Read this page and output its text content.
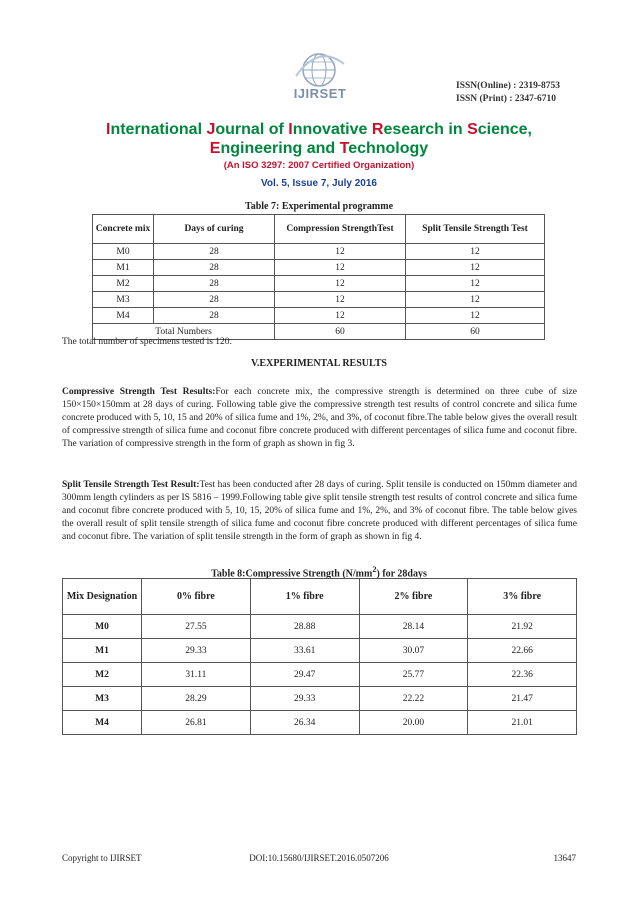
IJIRSET	ISSN(Online) : 2319-8753
ISSN (Print) : 2347-6710
International Journal of Innovative Research in Science,
Engineering and Technology
(An ISO 3297: 2007 Certified Organization)
Vol. 5, Issue 7, July 2016
Table 7: Experimental programme
Concrete mix	Days of curing	Compression StrengthTest	Split Tensile Strength Test
M0	28	12	12
M1	28	12	12
M2	28	12	12
M3	28	12	12
M4	28	12	12
Total Numbers		60	60
The total number of specimens tested is 120.
V.EXPERIMENTAL RESULTS
Compressive Strength Test Results:For each concrete mix, the compressive strength is determined on three cube of size 150×150×150mm at 28 days of curing. Following table give the compressive strength test results of control concrete and silica fume concrete produced with 5, 10, 15 and 20% of silica fume and 1%, 2%, and 3%, of coconut fibre.The table below gives the overall result of compressive strength of silica fume and coconut fibre concrete produced with different percentages of silica fume and coconut fibre. The variation of compressive strength in the form of graph as shown in fig 3.
Split Tensile Strength Test Result:Test has been conducted after 28 days of curing. Split tensile is conducted on 150mm diameter and 300mm length cylinders as per IS 5816 – 1999.Following table give split tensile strength test results of control concrete and silica fume and coconut fibre concrete produced with 5, 10, 15, 20% of silica fume and 1%, 2%, and 3% of coconut fibre. The table below gives the overall result of split tensile strength of silica fume and coconut fibre concrete produced with different percentages of silica fume and coconut fibre. The variation of split tensile strength in the form of graph as shown in fig 4.
Table 8:Compressive Strength $(N/mm^2)$ for 28days
Mix Designation	0% fibre	1% fibre	2% fibre	3% fibre
M0	27.55	28.88	28.14	21.92
M1	29.33	33.61	30.07	22.66
M2	31.11	29.47	25.77	22.36
M3	28.29	29.33	22.22	21.47
M4	26.81	26.34	20.00	21.01
Copyright to IJIRSET	DOI:10.15680/IJIRSET.2016.0507206	13647
